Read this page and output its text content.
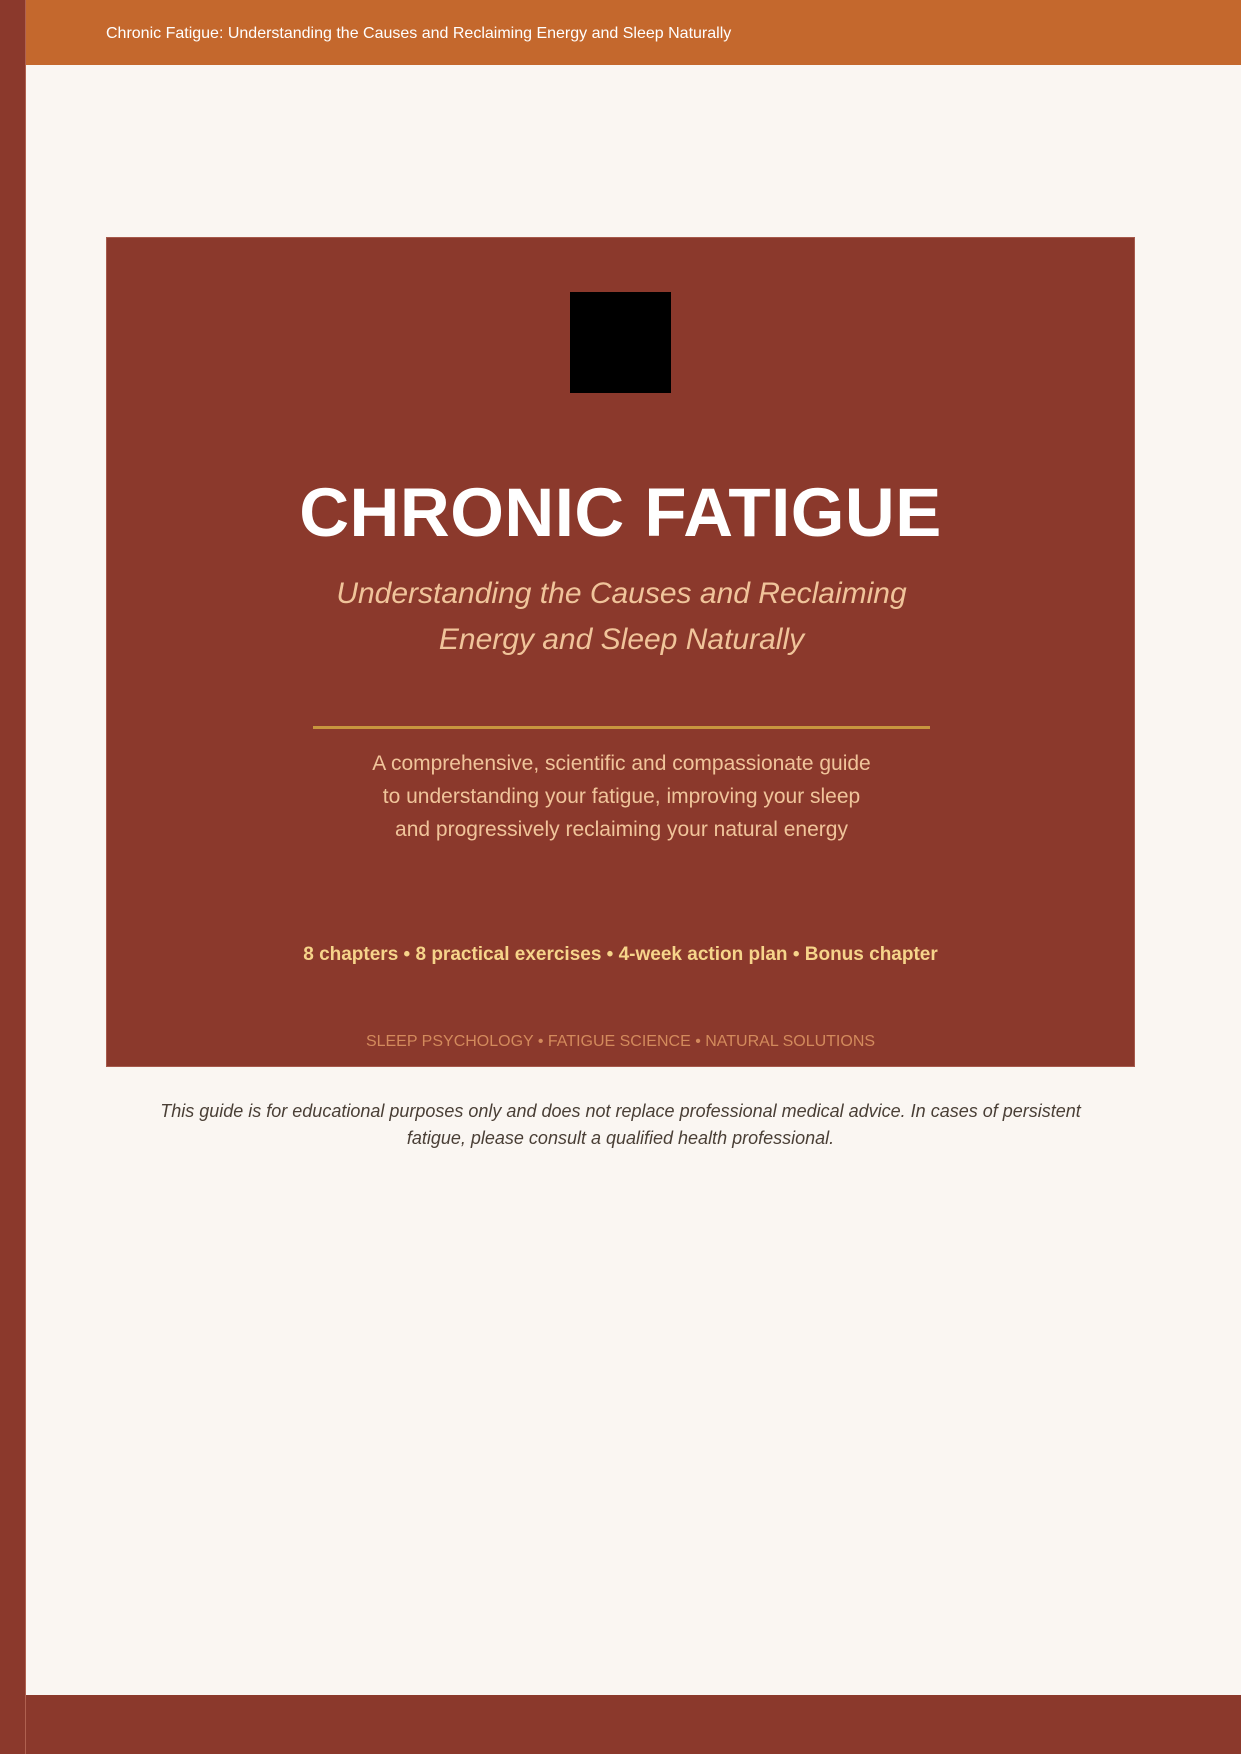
Chronic Fatigue: Understanding the Causes and Reclaiming Energy and Sleep Naturally
CHRONIC FATIGUE
Understanding the Causes and Reclaiming
Energy and Sleep Naturally
A comprehensive, scientific and compassionate guide
to understanding your fatigue, improving your sleep
and progressively reclaiming your natural energy
8 chapters • 8 practical exercises • 4-week action plan • Bonus chapter
SLEEP PSYCHOLOGY • FATIGUE SCIENCE • NATURAL SOLUTIONS
This guide is for educational purposes only and does not replace professional medical advice. In cases of persistent
fatigue, please consult a qualified health professional.
